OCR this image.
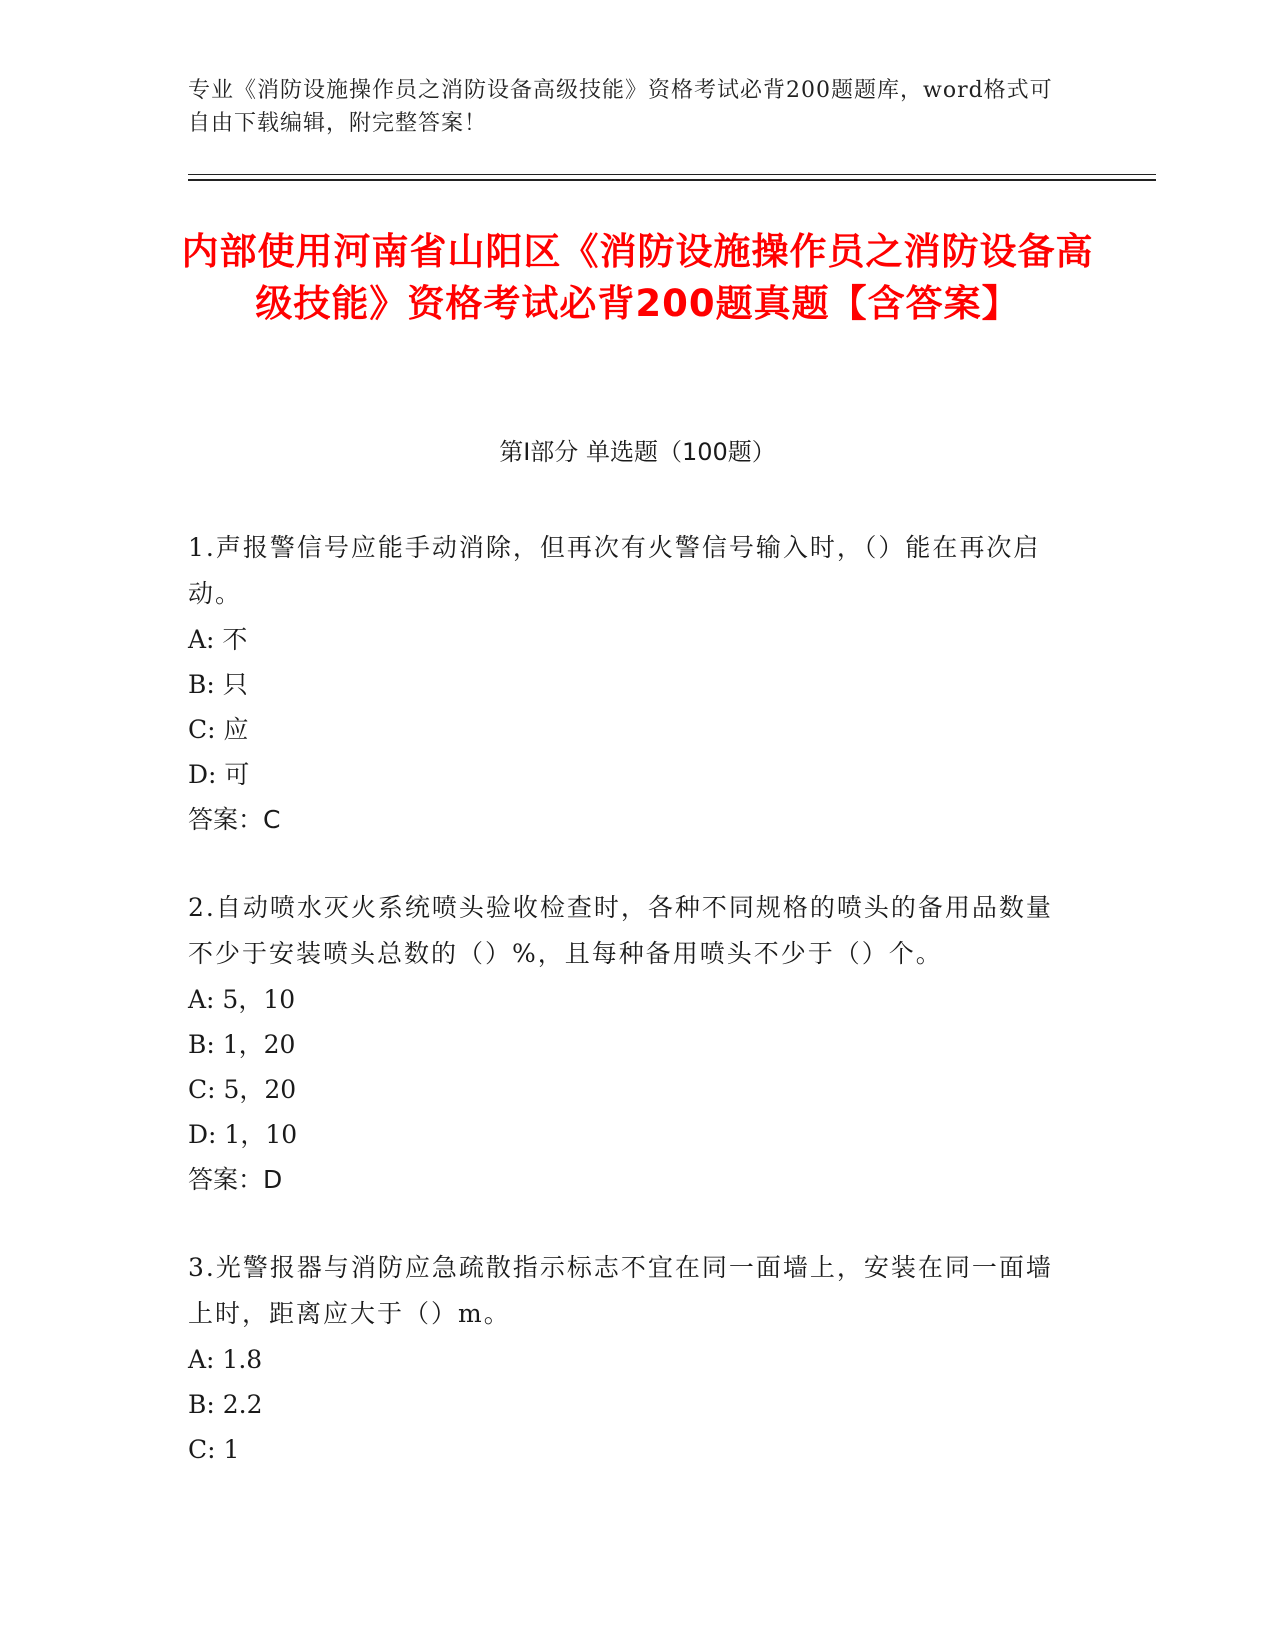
专业《消防设施操作员之消防设备高级技能》资格考试必背200题题库，word格式可自由下载编辑，附完整答案！
内部使用河南省山阳区《消防设施操作员之消防设备高级技能》资格考试必背200题真题【含答案】
第Ⅰ部分 单选题（100题）

1.声报警信号应能手动消除，但再次有火警信号输入时，（）能在再次启动。

A: 不

B: 只

C: 应

D: 可

答案：C

2.自动喷水灭火系统喷头验收检查时，各种不同规格的喷头的备用品数量不少于安装喷头总数的（）%，且每种备用喷头不少于（）个。

A: 5，10

B: 1，20

C: 5，20

D: 1，10

答案：D

3.光警报器与消防应急疏散指示标志不宜在同一面墙上，安装在同一面墙上时，距离应大于（）m。

A: 1.8

B: 2.2

C: 1
